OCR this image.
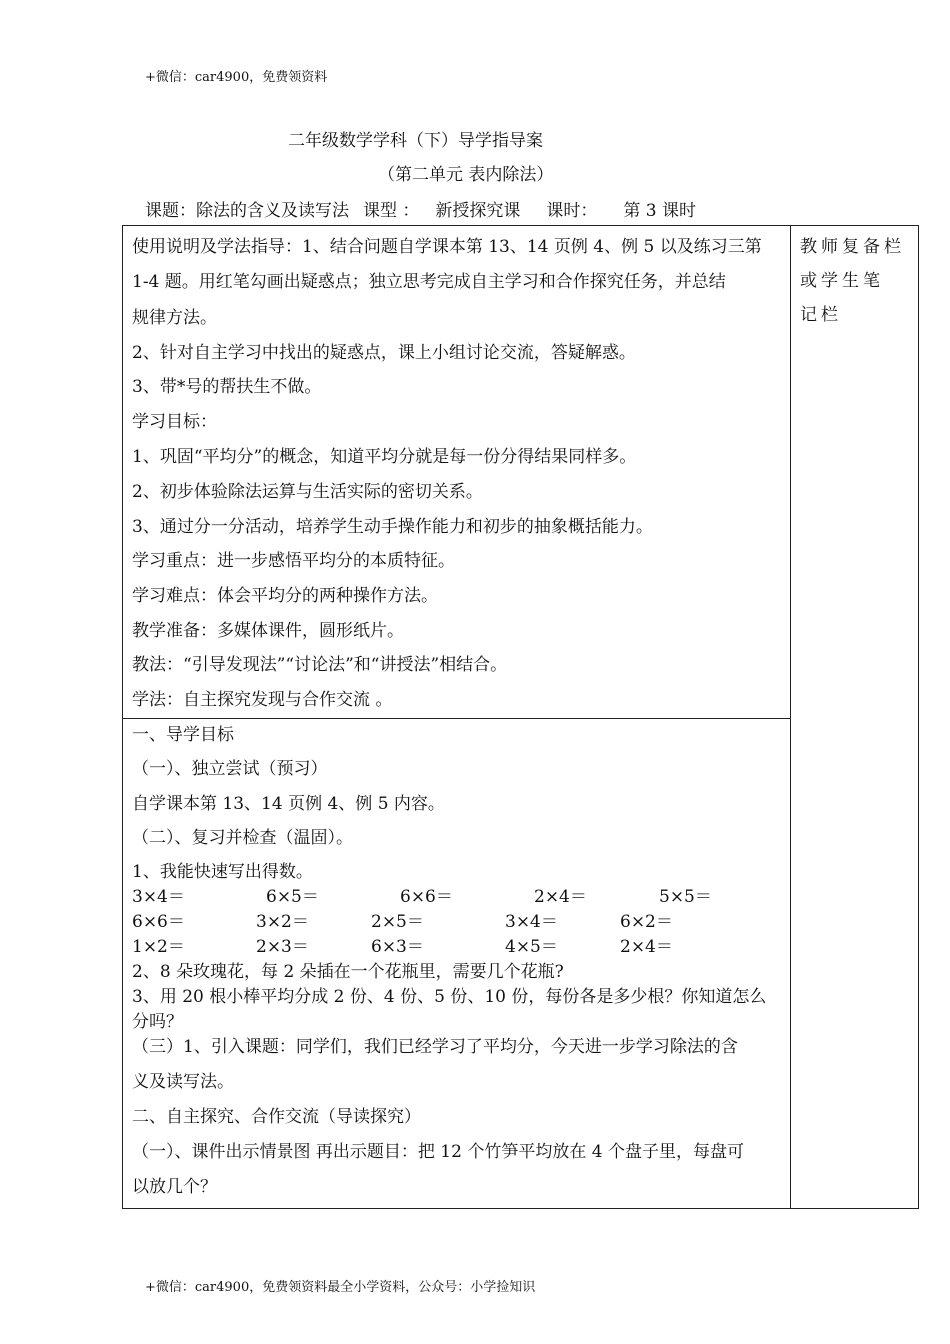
+微信：car4900，免费领资料
二年级数学学科（下）导学指导案
（第二单元 表内除法）
课题：除法的含义及读写法 课型 ： 新授探究课 课时： 第 3 课时
教师复备栏或学生笔 记栏
使用说明及学法指导：1、结合问题自学课本第 13、14 页例 4、例 5 以及练习三第
1-4 题。用红笔勾画出疑惑点；独立思考完成自主学习和合作探究任务，并总结
规律方法。
2、针对自主学习中找出的疑惑点，课上小组讨论交流，答疑解惑。
3、带*号的帮扶生不做。
学习目标：
1、巩固“平均分”的概念，知道平均分就是每一份分得结果同样多。
2、初步体验除法运算与生活实际的密切关系。
3、通过分一分活动，培养学生动手操作能力和初步的抽象概括能力。
学习重点：进一步感悟平均分的本质特征。
学习难点：体会平均分的两种操作方法。
教学准备：多媒体课件，圆形纸片。
教法：“引导发现法”“讨论法”和“讲授法”相结合。
学法：自主探究发现与合作交流 。
一、导学目标
（一）、独立尝试（预习）
自学课本第 13、14 页例 4、例 5 内容。
（二）、复习并检查（温固）。
1、我能快速写出得数。
3×4＝	6×5＝	6×6＝	2×4＝	5×5＝
6×6＝	3×2＝	2×5＝	3×4＝	6×2＝
1×2＝	2×3＝	6×3＝	4×5＝	2×4＝
2、8 朵玫瑰花，每 2 朵插在一个花瓶里，需要几个花瓶?
3、用 20 根小棒平均分成 2 份、4 份、5 份、10 份，每份各是多少根？你知道怎么
分吗？
（三）1、引入课题：同学们，我们已经学习了平均分，今天进一步学习除法的含
义及读写法。
二、自主探究、合作交流（导读探究）
（一）、课件出示情景图 再出示题目：把 12 个竹笋平均放在 4 个盘子里，每盘可
以放几个？
+微信：car4900，免费领资料最全小学资料，公众号：小学捡知识
